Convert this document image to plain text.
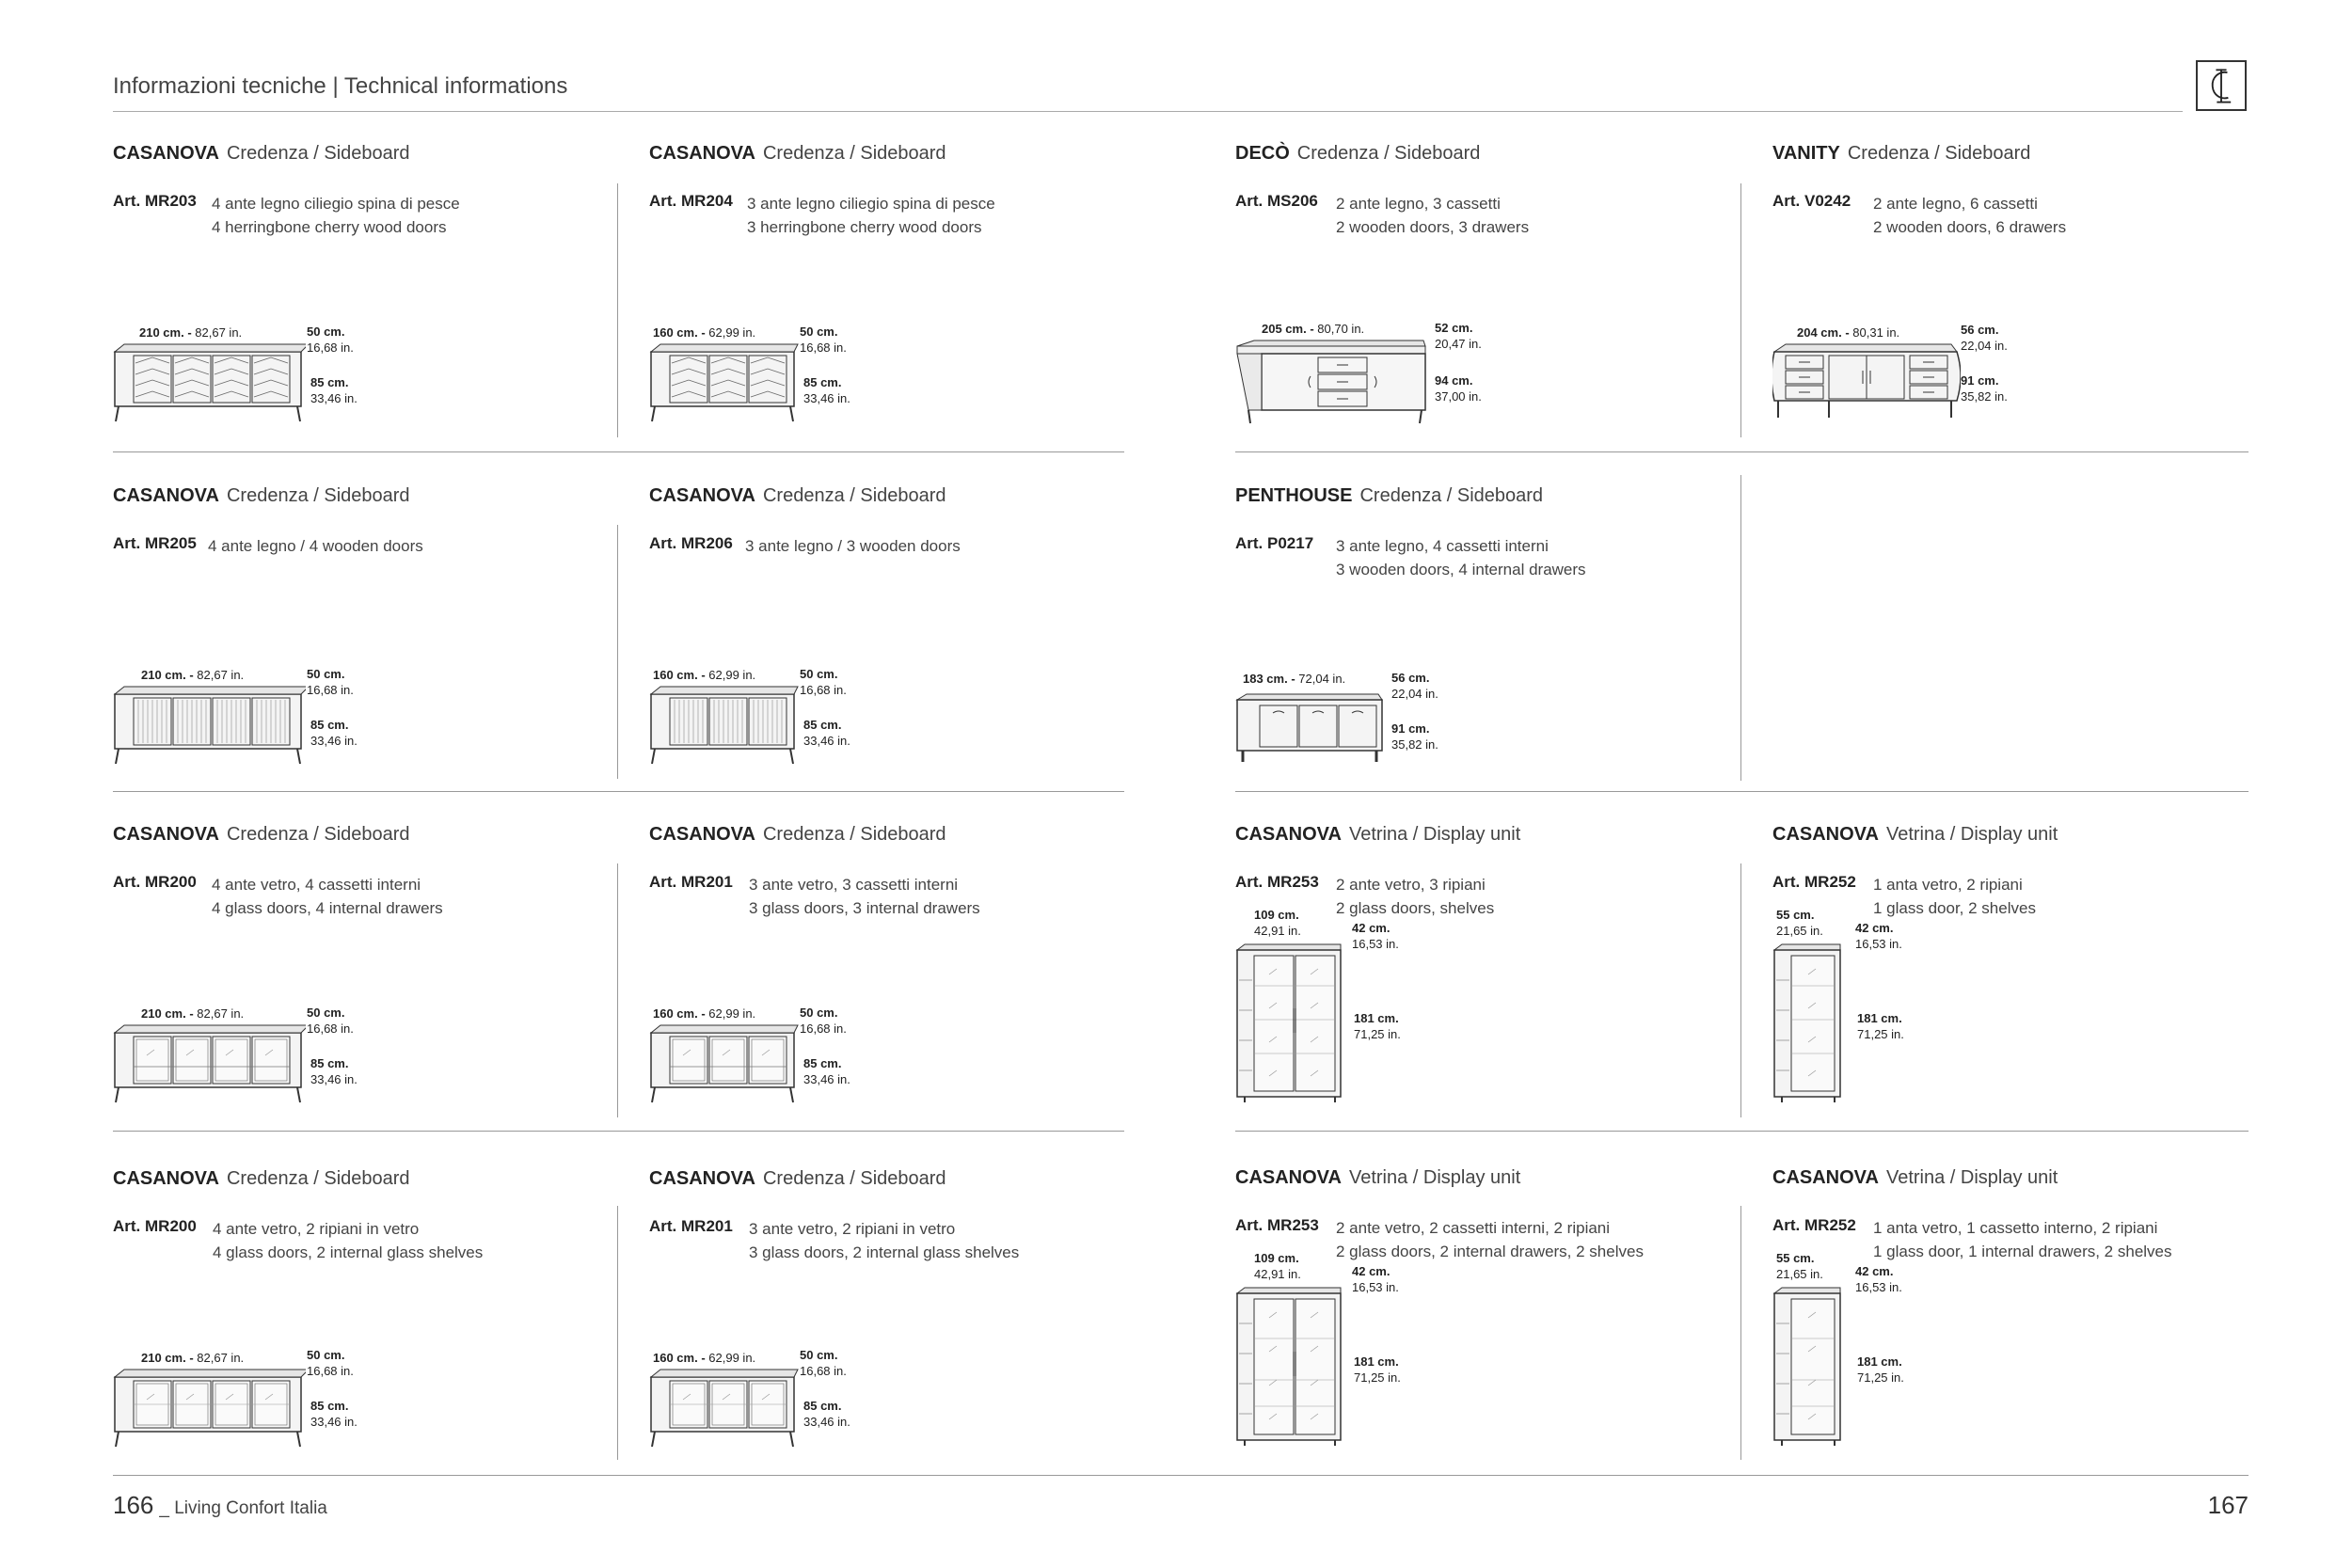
Informazioni tecniche | Technical informations
CASANOVA Credenza / Sideboard
Art. MR203 4 ante legno ciliegio spina di pesce
4 herringbone cherry wood doors
210 cm. - 82,67 in.	50 cm.
16,68 in.
85 cm.
33,46 in.
CASANOVA Credenza / Sideboard
Art. MR204 3 ante legno ciliegio spina di pesce
3 herringbone cherry wood doors
160 cm. - 62,99 in.	50 cm.
16,68 in.
85 cm.
33,46 in.
DECÒ Credenza / Sideboard
Art. MS206 2 ante legno, 3 cassetti
2 wooden doors, 3 drawers
205 cm. - 80,70 in.	52 cm.
20,47 in.
94 cm.
37,00 in.
VANITY Credenza / Sideboard
Art. V0242 2 ante legno, 6 cassetti
2 wooden doors, 6 drawers
204 cm. - 80,31 in.	56 cm.
22,04 in.
91 cm.
35,82 in.
CASANOVA Credenza / Sideboard
Art. MR205 4 ante legno / 4 wooden doors
210 cm. - 82,67 in.	50 cm.
16,68 in.
85 cm.
33,46 in.
CASANOVA Credenza / Sideboard
Art. MR206 3 ante legno / 3 wooden doors
160 cm. - 62,99 in.	50 cm.
16,68 in.
85 cm.
33,46 in.
PENTHOUSE Credenza / Sideboard
Art. P0217 3 ante legno, 4 cassetti interni
3 wooden doors, 4 internal drawers
183 cm. - 72,04 in.	56 cm.
22,04 in.
91 cm.
35,82 in.
CASANOVA Credenza / Sideboard
Art. MR200 4 ante vetro, 4 cassetti interni
4 glass doors, 4 internal drawers
210 cm. - 82,67 in.	50 cm.
16,68 in.
85 cm.
33,46 in.
CASANOVA Credenza / Sideboard
Art. MR201 3 ante vetro, 3 cassetti interni
3 glass doors, 3 internal drawers
160 cm. - 62,99 in.	50 cm.
16,68 in.
85 cm.
33,46 in.
CASANOVA Vetrina / Display unit
Art. MR253 2 ante vetro, 3 ripiani
2 glass doors, shelves
109 cm.
42,91 in.	42 cm.
16,53 in.
181 cm.
71,25 in.
CASANOVA Vetrina / Display unit
Art. MR252 1 anta vetro, 2 ripiani
1 glass door, 2 shelves
55 cm.
21,65 in.	42 cm.
16,53 in.
181 cm.
71,25 in.
CASANOVA Credenza / Sideboard
Art. MR200 4 ante vetro, 2 ripiani in vetro
4 glass doors, 2 internal glass shelves
210 cm. - 82,67 in.	50 cm.
16,68 in.
85 cm.
33,46 in.
CASANOVA Credenza / Sideboard
Art. MR201 3 ante vetro, 2 ripiani in vetro
3 glass doors, 2 internal glass shelves
160 cm. - 62,99 in.	50 cm.
16,68 in.
85 cm.
33,46 in.
CASANOVA Vetrina / Display unit
Art. MR253 2 ante vetro, 2 cassetti interni, 2 ripiani
2 glass doors, 2 internal drawers, 2 shelves
109 cm.
42,91 in.	42 cm.
16,53 in.
181 cm.
71,25 in.
CASANOVA Vetrina / Display unit
Art. MR252 1 anta vetro, 1 cassetto interno, 2 ripiani
1 glass door, 1 internal drawers, 2 shelves
55 cm.
21,65 in.	42 cm.
16,53 in.
181 cm.
71,25 in.
166 _ Living Confort Italia	167
